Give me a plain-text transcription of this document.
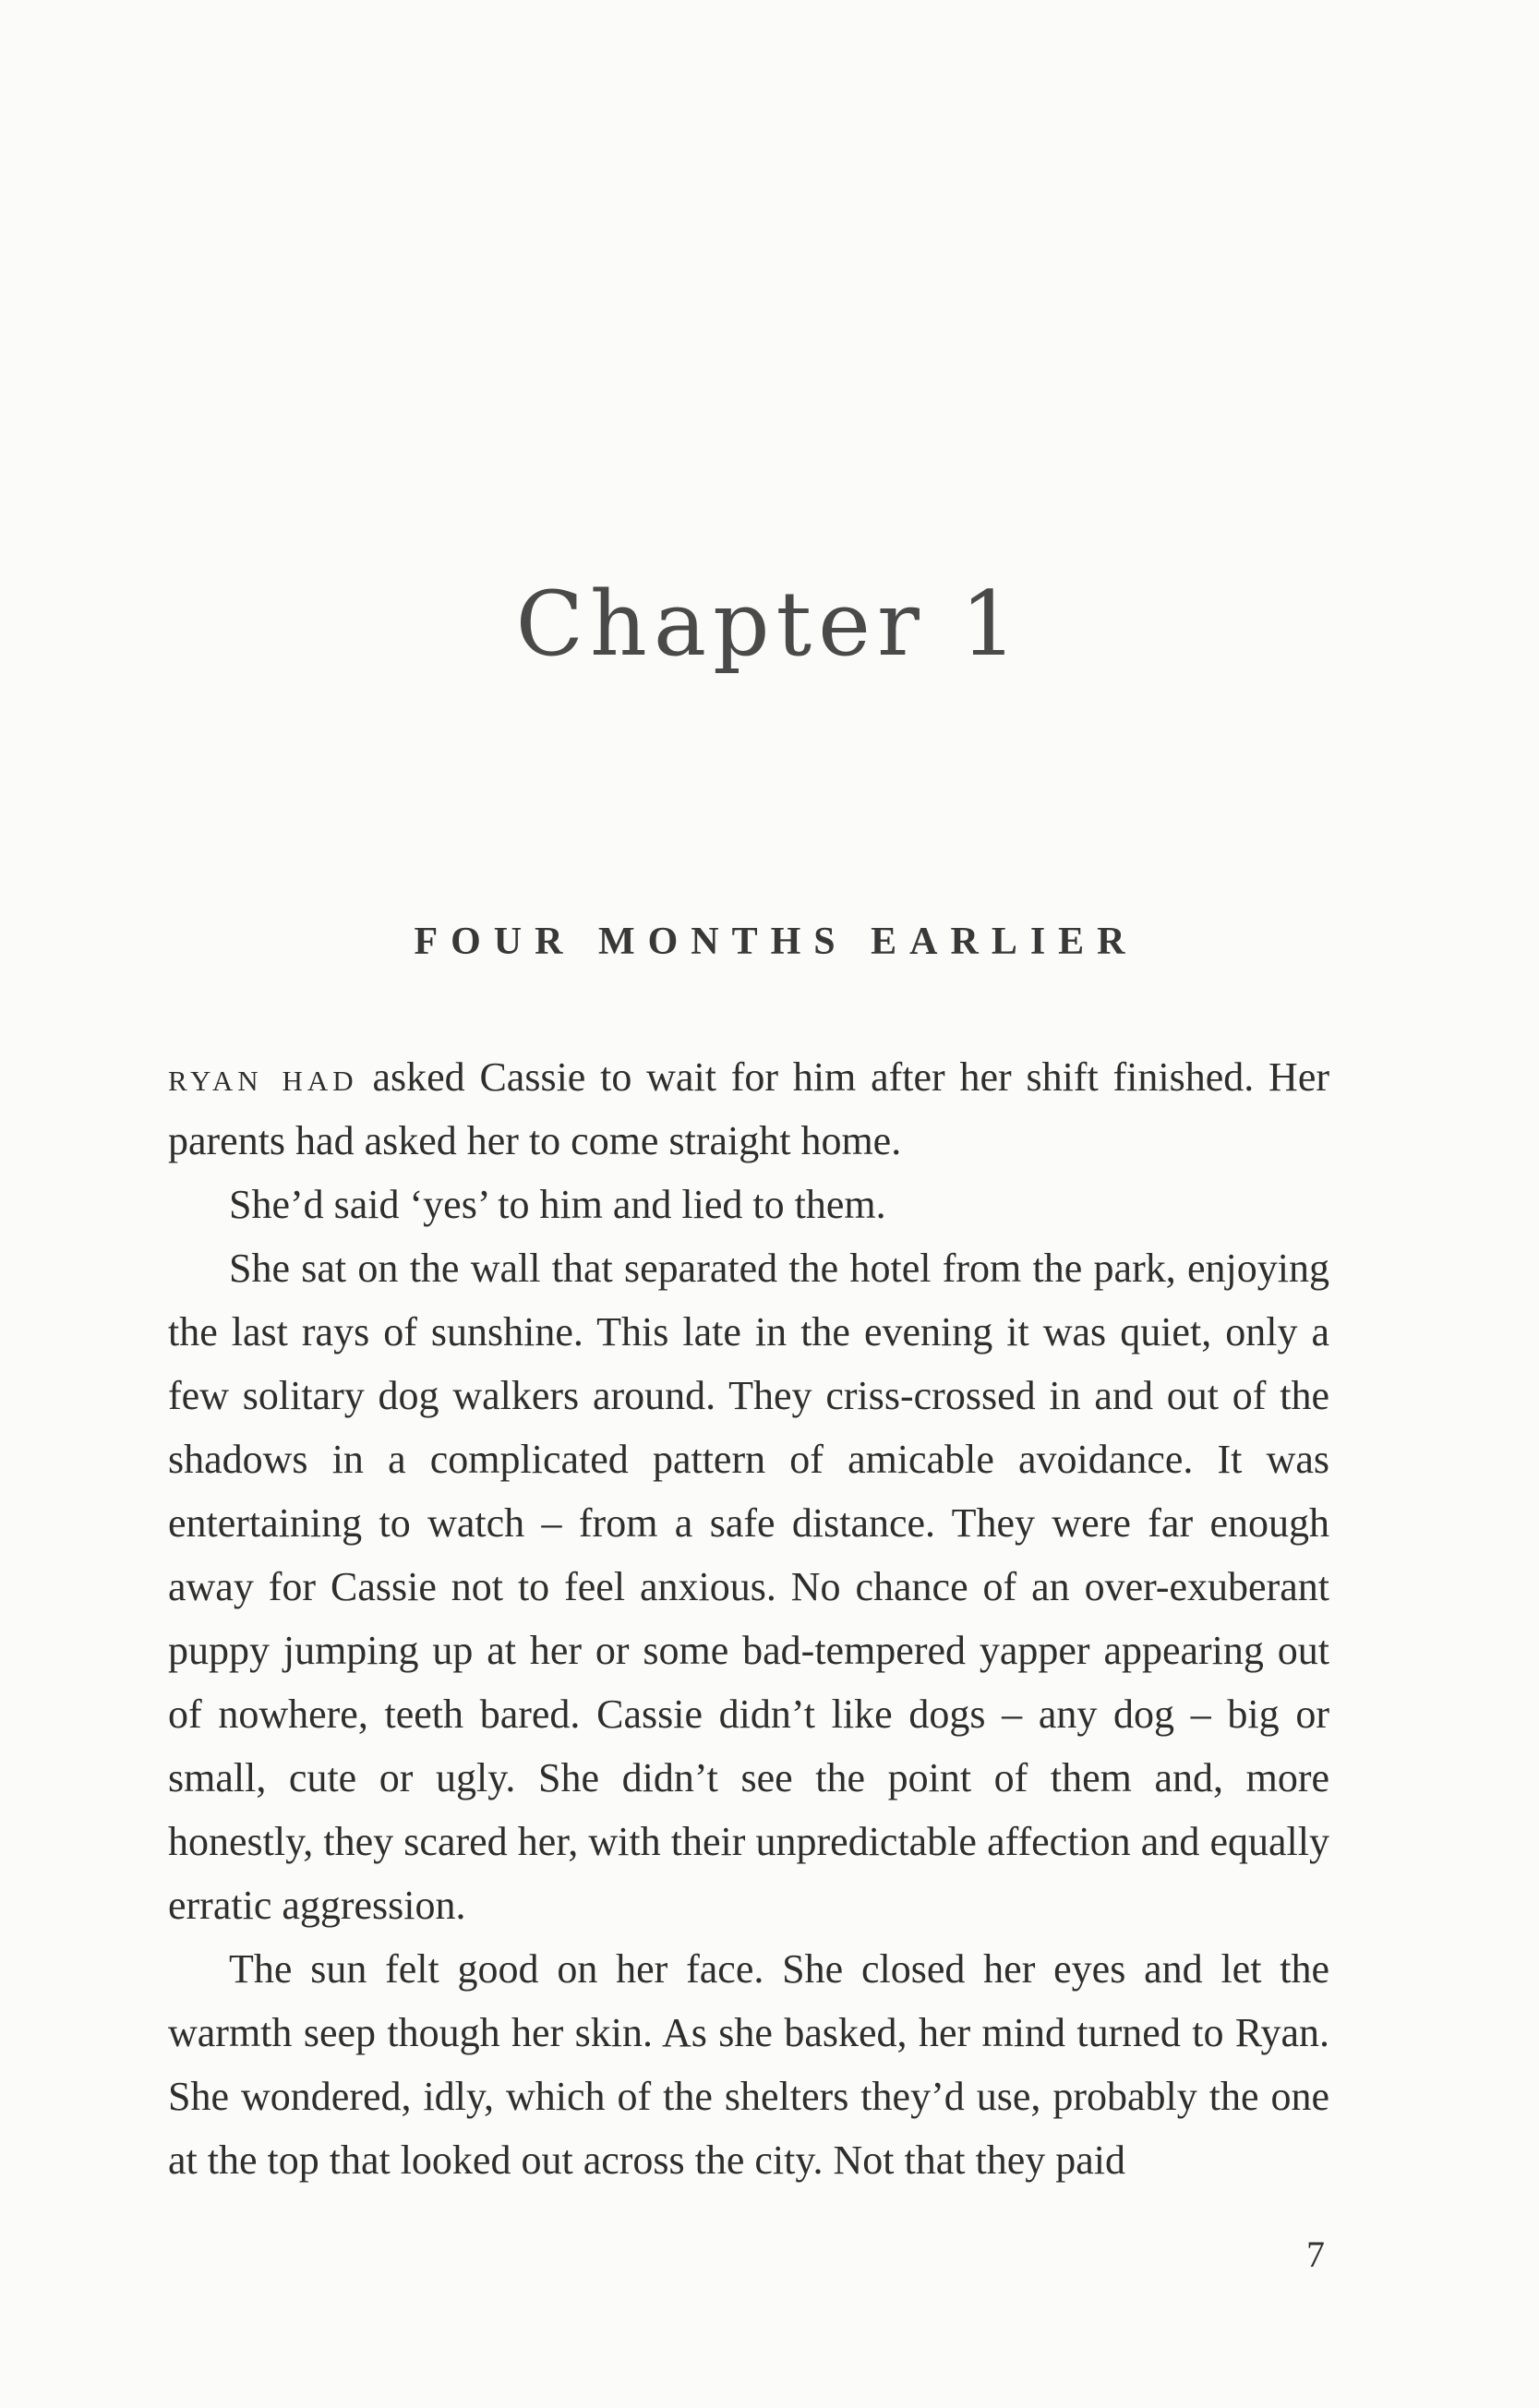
Chapter 1
FOUR MONTHS EARLIER

ryan had asked Cassie to wait for him after her shift finished. Her parents had asked her to come straight home.

She’d said ‘yes’ to him and lied to them.

She sat on the wall that separated the hotel from the park, enjoying the last rays of sunshine. This late in the evening it was quiet, only a few solitary dog walkers around. They criss-crossed in and out of the shadows in a complicated pattern of amicable avoidance. It was entertaining to watch – from a safe distance. They were far enough away for Cassie not to feel anxious. No chance of an over-exuberant puppy jumping up at her or some bad-tempered yapper appearing out of nowhere, teeth bared. Cassie didn’t like dogs – any dog – big or small, cute or ugly. She didn’t see the point of them and, more honestly, they scared her, with their unpredictable affection and equally erratic aggression.

The sun felt good on her face. She closed her eyes and let the warmth seep though her skin. As she basked, her mind turned to Ryan. She wondered, idly, which of the shelters they’d use, probably the one at the top that looked out across the city. Not that they paid

7
